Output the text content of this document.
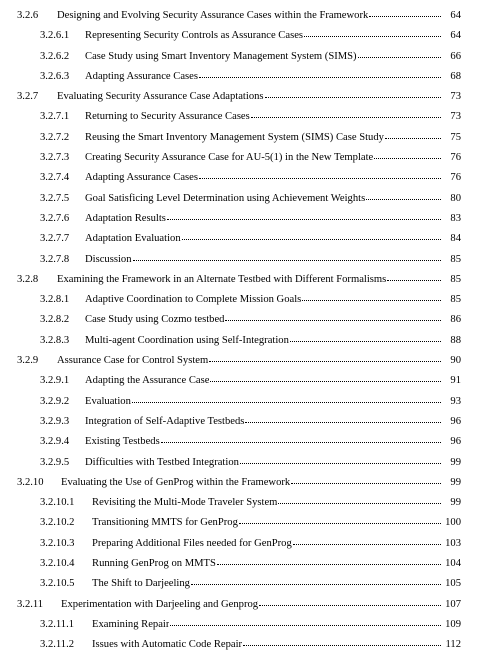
3.2.6	Designing and Evolving Security Assurance Cases within the Framework	64
3.2.6.1	Representing Security Controls as Assurance Cases	64
3.2.6.2	Case Study using Smart Inventory Management System (SIMS)	66
3.2.6.3	Adapting Assurance Cases	68
3.2.7	Evaluating Security Assurance Case Adaptations	73
3.2.7.1	Returning to Security Assurance Cases	73
3.2.7.2	Reusing the Smart Inventory Management System (SIMS) Case Study	75
3.2.7.3	Creating Security Assurance Case for AU-5(1) in the New Template	76
3.2.7.4	Adapting Assurance Cases	76
3.2.7.5	Goal Satisficing Level Determination using Achievement Weights	80
3.2.7.6	Adaptation Results	83
3.2.7.7	Adaptation Evaluation	84
3.2.7.8	Discussion	85
3.2.8	Examining the Framework in an Alternate Testbed with Different Formalisms	85
3.2.8.1	Adaptive Coordination to Complete Mission Goals	85
3.2.8.2	Case Study using Cozmo testbed	86
3.2.8.3	Multi-agent Coordination using Self-Integration	88
3.2.9	Assurance Case for Control System	90
3.2.9.1	Adapting the Assurance Case	91
3.2.9.2	Evaluation	93
3.2.9.3	Integration of Self-Adaptive Testbeds	96
3.2.9.4	Existing Testbeds	96
3.2.9.5	Difficulties with Testbed Integration	99
3.2.10	Evaluating the Use of GenProg within the Framework	99
3.2.10.1	Revisiting the Multi-Mode Traveler System	99
3.2.10.2	Transitioning MMTS for GenProg	100
3.2.10.3	Preparing Additional Files needed for GenProg	103
3.2.10.4	Running GenProg on MMTS	104
3.2.10.5	The Shift to Darjeeling	105
3.2.11	Experimentation with Darjeeling and Genprog	107
3.2.11.1	Examining Repair	109
3.2.11.2	Issues with Automatic Code Repair	112
